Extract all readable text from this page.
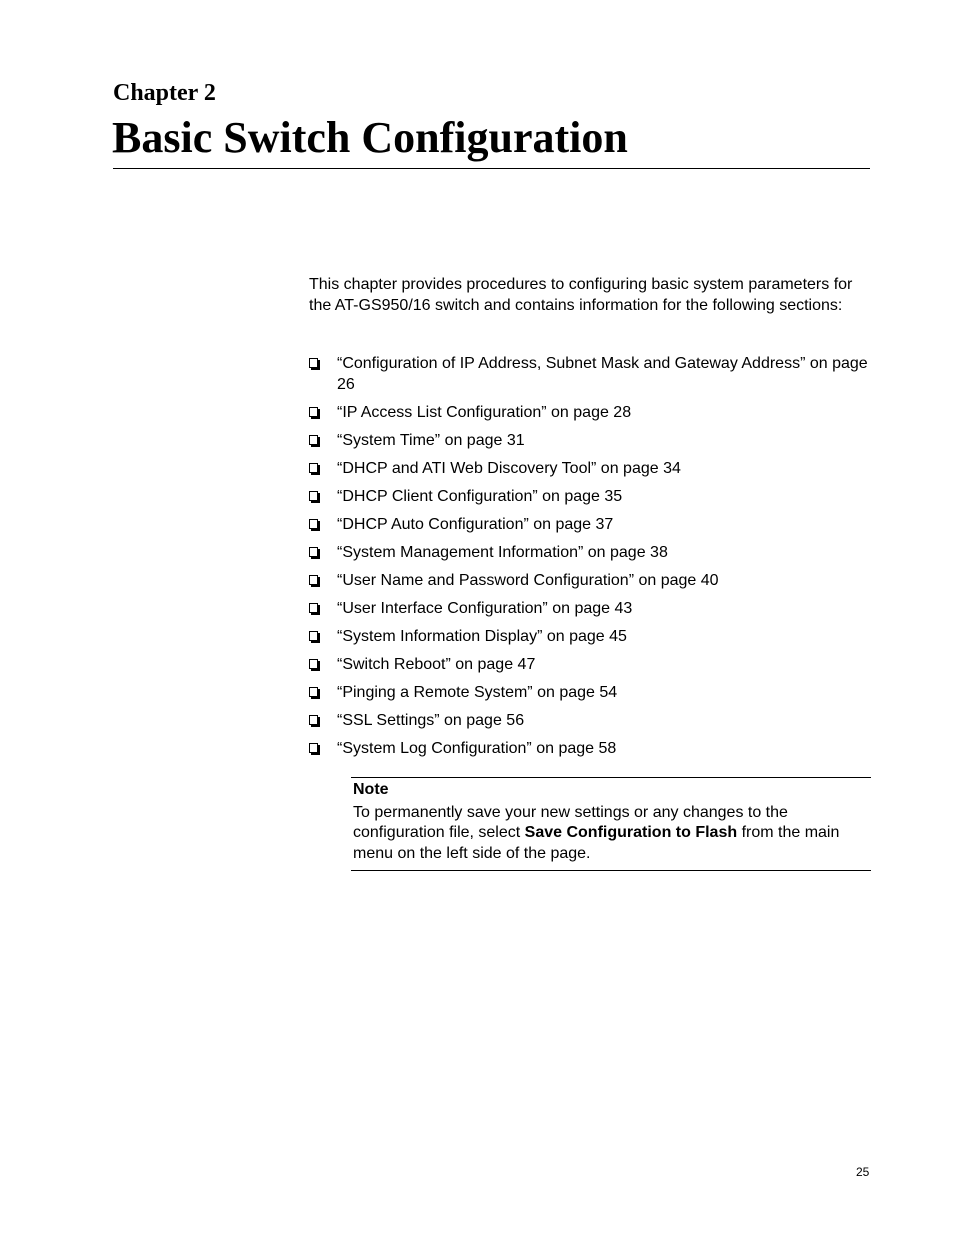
Chapter 2
Basic Switch Configuration

This chapter provides procedures to configuring basic system parameters for the AT-GS950/16 switch and contains information for the following sections:

“Configuration of IP Address, Subnet Mask and Gateway Address” on page 26
“IP Access List Configuration” on page 28
“System Time” on page 31
“DHCP and ATI Web Discovery Tool” on page 34
“DHCP Client Configuration” on page 35
“DHCP Auto Configuration” on page 37
“System Management Information” on page 38
“User Name and Password Configuration” on page 40
“User Interface Configuration” on page 43
“System Information Display” on page 45
“Switch Reboot” on page 47
“Pinging a Remote System” on page 54
“SSL Settings” on page 56
“System Log Configuration” on page 58

Note

To permanently save your new settings or any changes to the configuration file, select Save Configuration to Flash from the main menu on the left side of the page.

25
